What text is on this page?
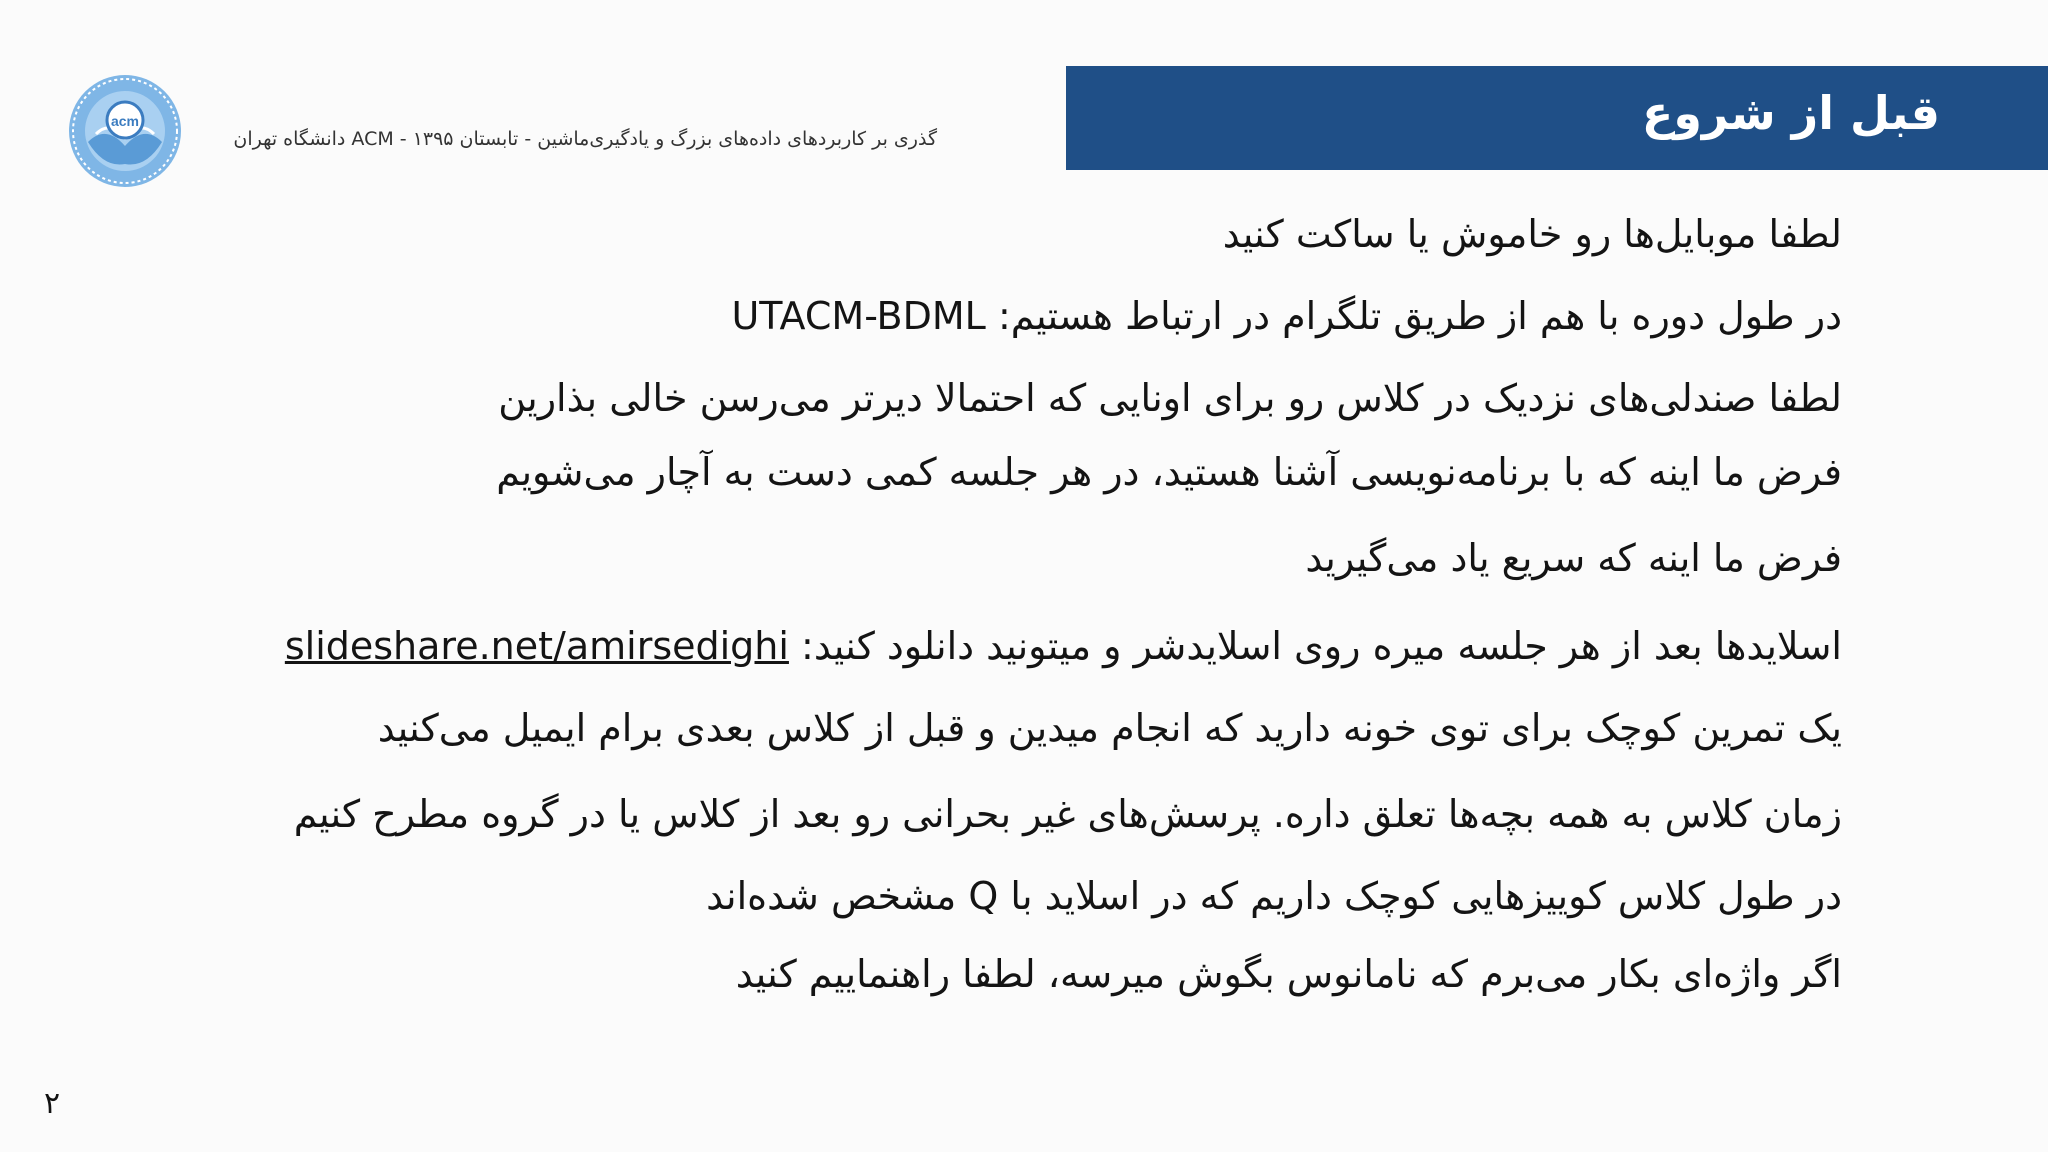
acm
گذری بر کاربردهای داده‌های بزرگ و یادگیری‌ماشین - تابستان ۱۳۹۵ - ACM دانشگاه تهران	قبل از شروع
لطفا موبایل‌ها رو خاموش یا ساکت کنید
در طول دوره با هم از طریق تلگرام در ارتباط هستیم: UTACM-BDML
لطفا صندلی‌های نزدیک در کلاس رو برای اونایی که احتمالا دیرتر می‌رسن خالی بذارین
فرض ما اینه که با برنامه‌نویسی آشنا هستید، در هر جلسه کمی دست به آچار می‌شویم
فرض ما اینه که سریع یاد می‌گیرید
اسلایدها بعد از هر جلسه میره روی اسلایدشر و میتونید دانلود کنید: slideshare.net/amirsedighi
یک تمرین کوچک برای توی خونه دارید که انجام میدین و قبل از کلاس بعدی برام ایمیل می‌کنید
زمان کلاس به همه بچه‌ها تعلق داره. پرسش‌های غیر بحرانی رو بعد از کلاس یا در گروه مطرح کنیم
در طول کلاس کوییزهایی کوچک داریم که در اسلاید با Q مشخص شده‌اند
اگر واژه‌ای بکار می‌برم که نامانوس بگوش میرسه، لطفا راهنماییم کنید
۲
